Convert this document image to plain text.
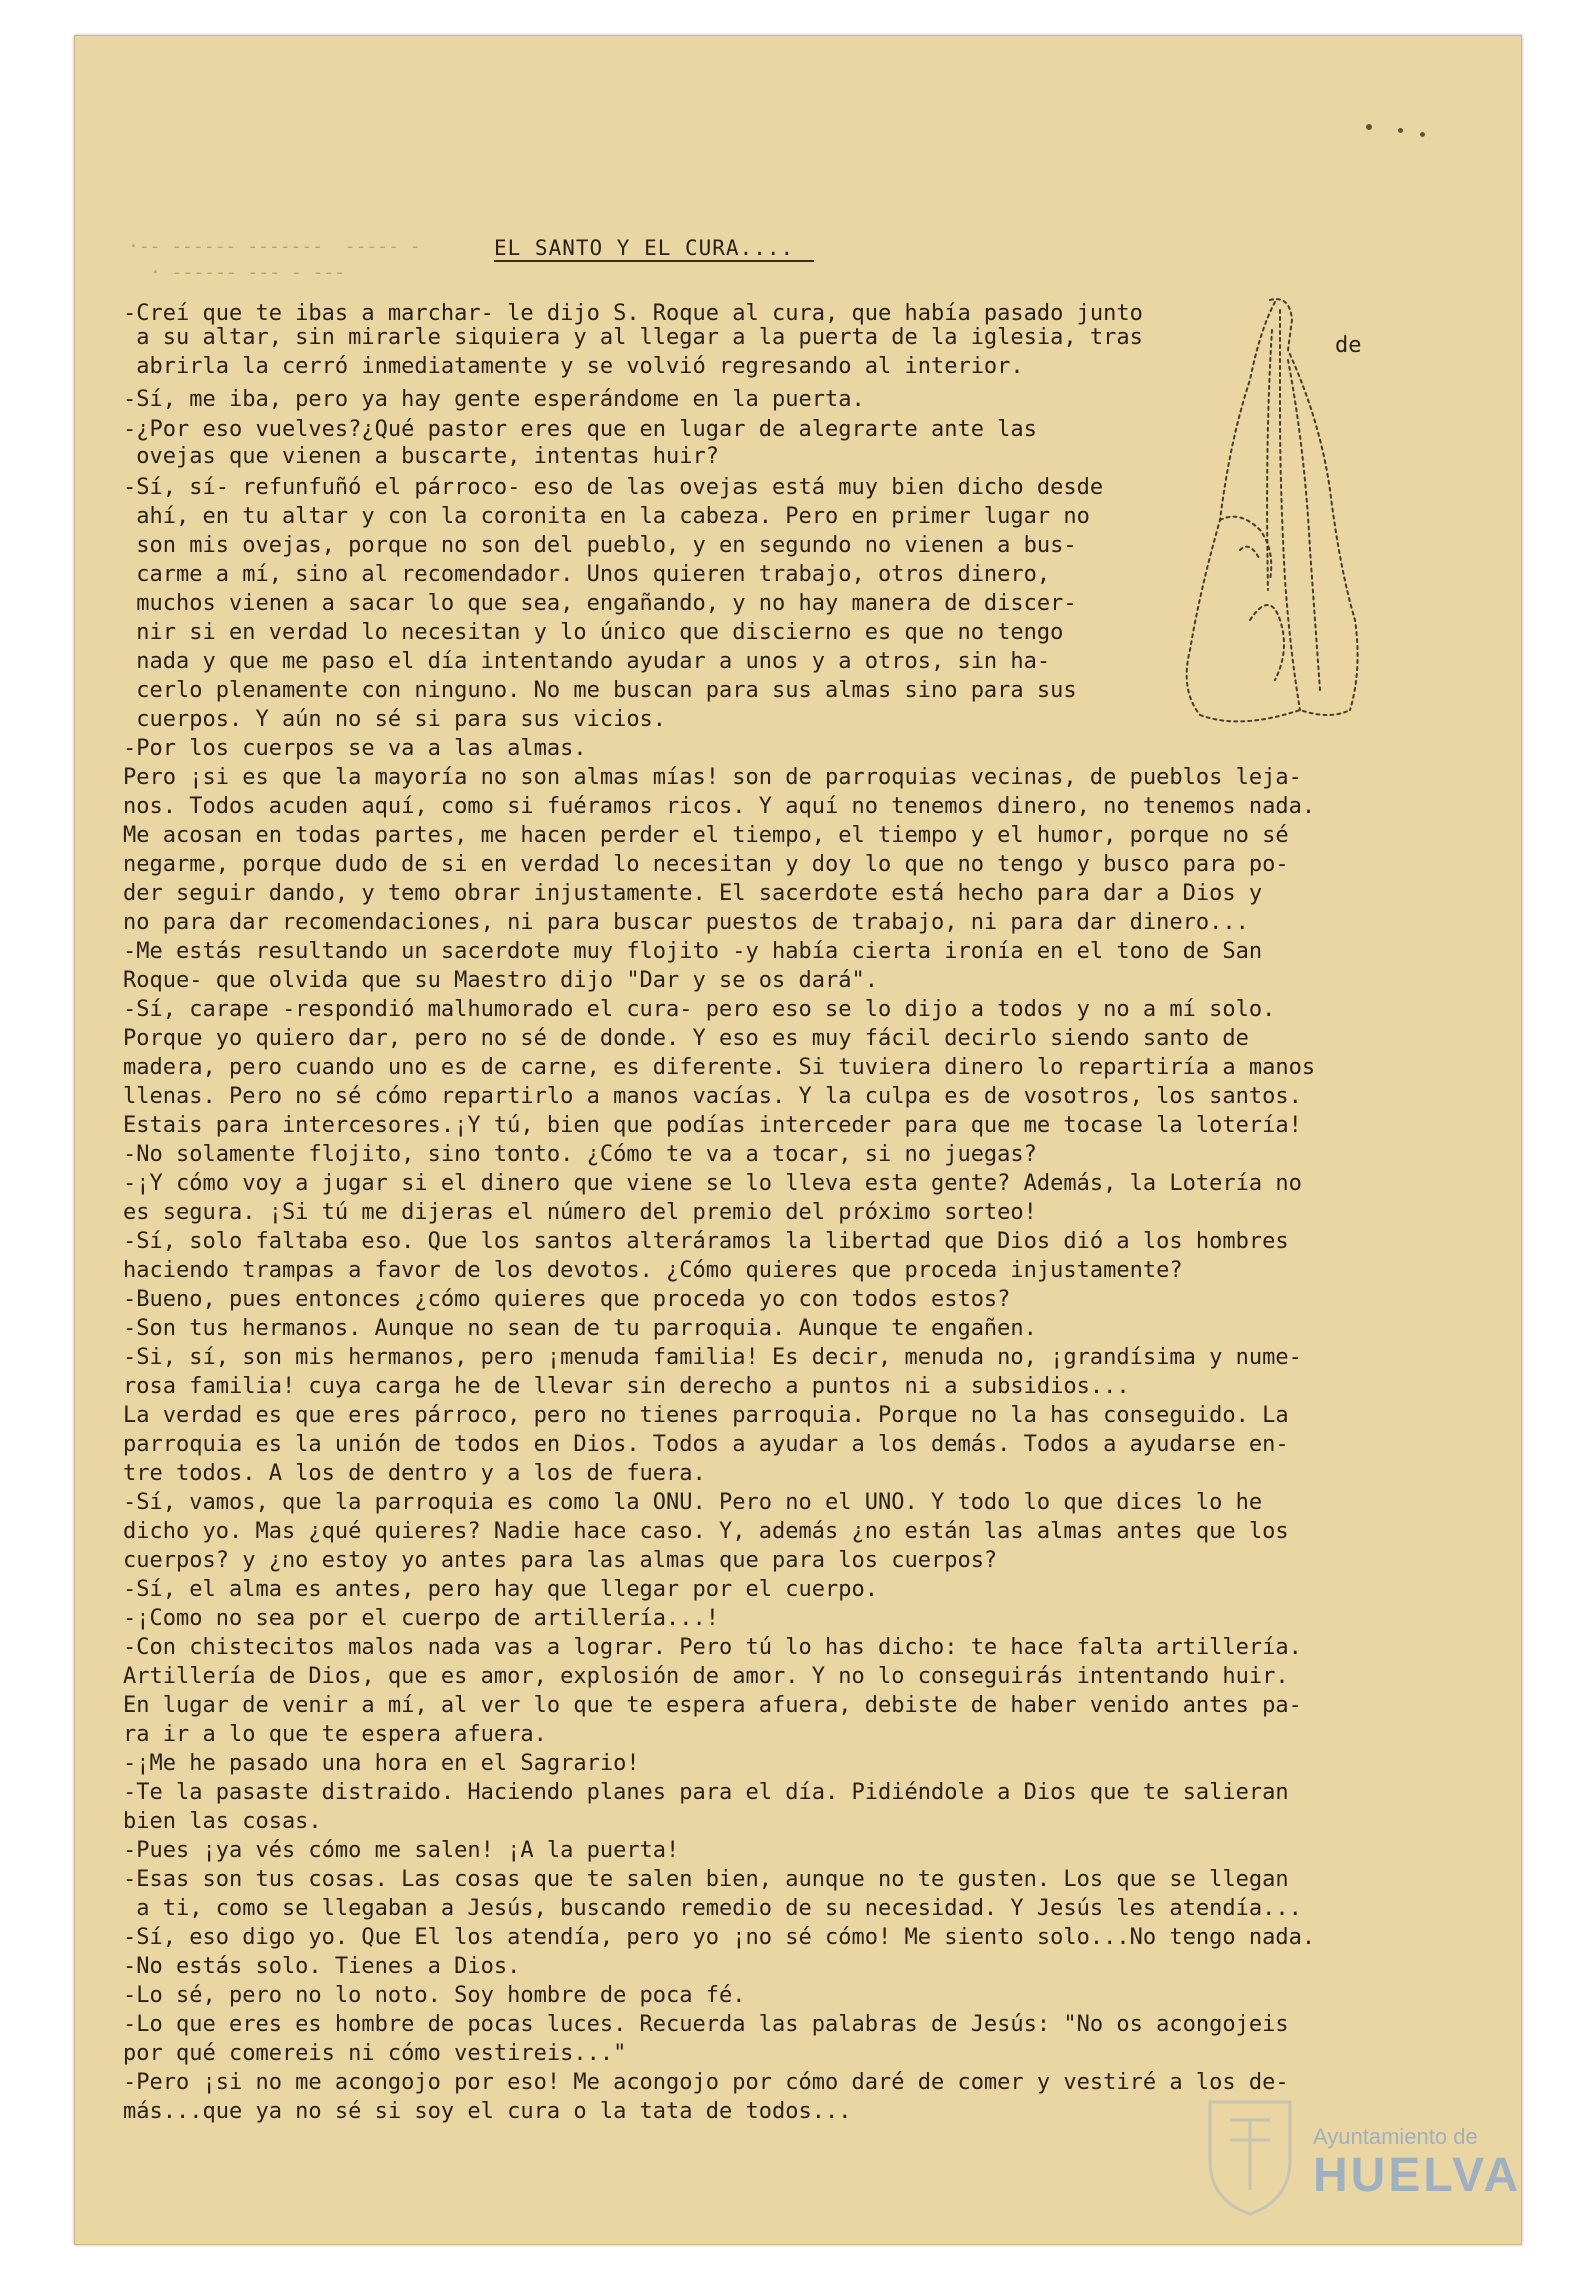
·-- ------ -------  ----- -
· ------ --- - ---
EL SANTO Y EL CURA....
de
-Creí que te ibas a marchar- le dijo S. Roque al cura, que había pasado junto
a su altar, sin mirarle siquiera y al llegar a la puerta de la iglesia, tras
abrirla la cerró inmediatamente y se volvió regresando al interior.
-Sí, me iba, pero ya hay gente esperándome en la puerta.
-¿Por eso vuelves?¿Qué pastor eres que en lugar de alegrarte ante las
ovejas que vienen a buscarte, intentas huir?
-Sí, sí- refunfuñó el párroco- eso de las ovejas está muy bien dicho desde
ahí, en tu altar y con la coronita en la cabeza. Pero en primer lugar no
son mis ovejas, porque no son del pueblo, y en segundo no vienen a bus-
carme a mí, sino al recomendador. Unos quieren trabajo, otros dinero,
muchos vienen a sacar lo que sea, engañando, y no hay manera de discer-
nir si en verdad lo necesitan y lo único que discierno es que no tengo
nada y que me paso el día intentando ayudar a unos y a otros, sin ha-
cerlo plenamente con ninguno. No me buscan para sus almas sino para sus
cuerpos. Y aún no sé si para sus vicios.
-Por los cuerpos se va a las almas.
Pero ¡si es que la mayoría no son almas mías! son de parroquias vecinas, de pueblos leja-
nos. Todos acuden aquí, como si fuéramos ricos. Y aquí no tenemos dinero, no tenemos nada.
Me acosan en todas partes, me hacen perder el tiempo, el tiempo y el humor, porque no sé
negarme, porque dudo de si en verdad lo necesitan y doy lo que no tengo y busco para po-
der seguir dando, y temo obrar injustamente. El sacerdote está hecho para dar a Dios y
no para dar recomendaciones, ni para buscar puestos de trabajo, ni para dar dinero...
-Me estás resultando un sacerdote muy flojito -y había cierta ironía en el tono de San
Roque- que olvida que su Maestro dijo "Dar y se os dará".
-Sí, carape -respondió malhumorado el cura- pero eso se lo dijo a todos y no a mí solo.
Porque yo quiero dar, pero no sé de donde. Y eso es muy fácil decirlo siendo santo de
madera, pero cuando uno es de carne, es diferente. Si tuviera dinero lo repartiría a manos
llenas. Pero no sé cómo repartirlo a manos vacías. Y la culpa es de vosotros, los santos.
Estais para intercesores.¡Y tú, bien que podías interceder para que me tocase la lotería!
-No solamente flojito, sino tonto. ¿Cómo te va a tocar, si no juegas?
-¡Y cómo voy a jugar si el dinero que viene se lo lleva esta gente? Además, la Lotería no
es segura. ¡Si tú me dijeras el número del premio del próximo sorteo!
-Sí, solo faltaba eso. Que los santos alteráramos la libertad que Dios dió a los hombres
haciendo trampas a favor de los devotos. ¿Cómo quieres que proceda injustamente?
-Bueno, pues entonces ¿cómo quieres que proceda yo con todos estos?
-Son tus hermanos. Aunque no sean de tu parroquia. Aunque te engañen.
-Si, sí, son mis hermanos, pero ¡menuda familia! Es decir, menuda no, ¡grandísima y nume-
rosa familia! cuya carga he de llevar sin derecho a puntos ni a subsidios...
La verdad es que eres párroco, pero no tienes parroquia. Porque no la has conseguido. La
parroquia es la unión de todos en Dios. Todos a ayudar a los demás. Todos a ayudarse en-
tre todos. A los de dentro y a los de fuera.
-Sí, vamos, que la parroquia es como la ONU. Pero no el UNO. Y todo lo que dices lo he
dicho yo. Mas ¿qué quieres? Nadie hace caso. Y, además ¿no están las almas antes que los
cuerpos? y ¿no estoy yo antes para las almas que para los cuerpos?
-Sí, el alma es antes, pero hay que llegar por el cuerpo.
-¡Como no sea por el cuerpo de artillería...!
-Con chistecitos malos nada vas a lograr. Pero tú lo has dicho: te hace falta artillería.
Artillería de Dios, que es amor, explosión de amor. Y no lo conseguirás intentando huir.
En lugar de venir a mí, al ver lo que te espera afuera, debiste de haber venido antes pa-
ra ir a lo que te espera afuera.
-¡Me he pasado una hora en el Sagrario!
-Te la pasaste distraido. Haciendo planes para el día. Pidiéndole a Dios que te salieran
bien las cosas.
-Pues ¡ya vés cómo me salen! ¡A la puerta!
-Esas son tus cosas. Las cosas que te salen bien, aunque no te gusten. Los que se llegan
a ti, como se llegaban a Jesús, buscando remedio de su necesidad. Y Jesús les atendía...
-Sí, eso digo yo. Que El los atendía, pero yo ¡no sé cómo! Me siento solo...No tengo nada.
-No estás solo. Tienes a Dios.
-Lo sé, pero no lo noto. Soy hombre de poca fé.
-Lo que eres es hombre de pocas luces. Recuerda las palabras de Jesús: "No os acongojeis
por qué comereis ni cómo vestireis..."
-Pero ¡si no me acongojo por eso! Me acongojo por cómo daré de comer y vestiré a los de-
más...que ya no sé si soy el cura o la tata de todos...
Ayuntamiento de
HUELVA
